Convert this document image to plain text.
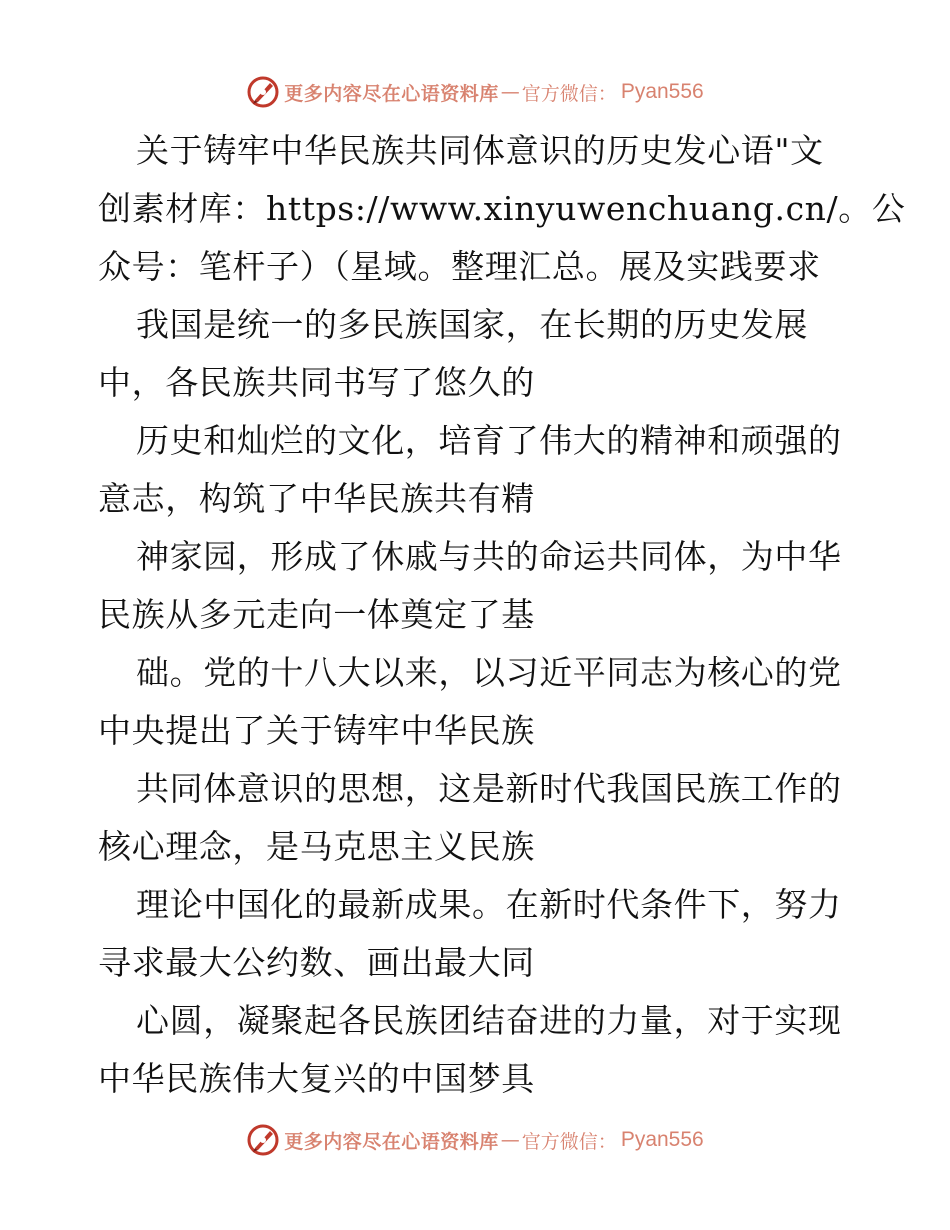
更多内容尽在心语资料库 — 官方微信 ： Pyan556
关于铸牢中华民族共同体意识的历史发心语"文
创素材库：https://www.xinyuwenchuang.cn/。公
众号：笔杆子）（星域。整理汇总。展及实践要求
我国是统一的多民族国家，在长期的历史发展
中，各民族共同书写了悠久的
历史和灿烂的文化，培育了伟大的精神和顽强的
意志，构筑了中华民族共有精
神家园，形成了休戚与共的命运共同体，为中华
民族从多元走向一体奠定了基
础。党的十八大以来，以习近平同志为核心的党
中央提出了关于铸牢中华民族
共同体意识的思想，这是新时代我国民族工作的
核心理念，是马克思主义民族
理论中国化的最新成果。在新时代条件下，努力
寻求最大公约数、画出最大同
心圆，凝聚起各民族团结奋进的力量，对于实现
中华民族伟大复兴的中国梦具
更多内容尽在心语资料库 — 官方微信 ： Pyan556
